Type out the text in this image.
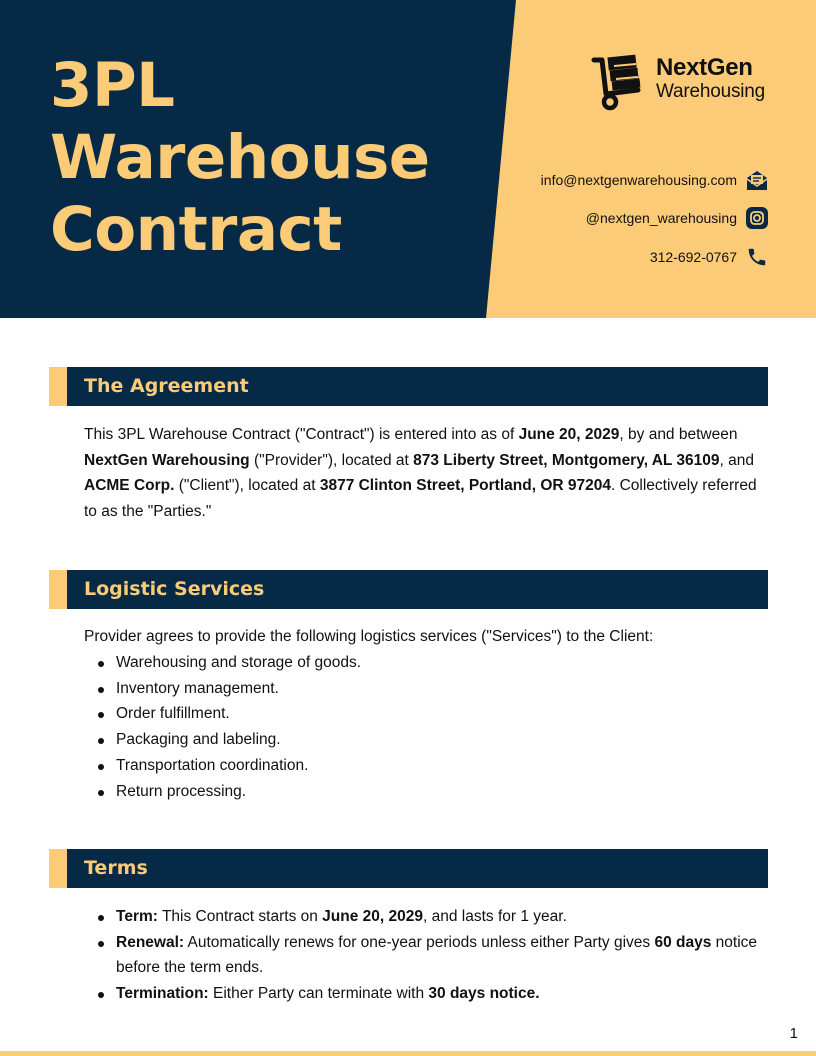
3PL
Warehouse
Contract
NextGen
Warehousing
info@nextgenwarehousing.com
@nextgen_warehousing
312-692-0767
The Agreement
This 3PL Warehouse Contract ("Contract") is entered into as of June 20, 2029, by and between NextGen Warehousing ("Provider"), located at 873 Liberty Street, Montgomery, AL 36109, and ACME Corp. ("Client"), located at 3877 Clinton Street, Portland, OR 97204. Collectively referred to as the "Parties."
Logistic Services
Provider agrees to provide the following logistics services ("Services") to the Client:
Warehousing and storage of goods.
Inventory management.
Order fulfillment.
Packaging and labeling.
Transportation coordination.
Return processing.
Terms
Term: This Contract starts on June 20, 2029, and lasts for 1 year.
Renewal: Automatically renews for one-year periods unless either Party gives 60 days notice before the term ends.
Termination: Either Party can terminate with 30 days notice.
1
